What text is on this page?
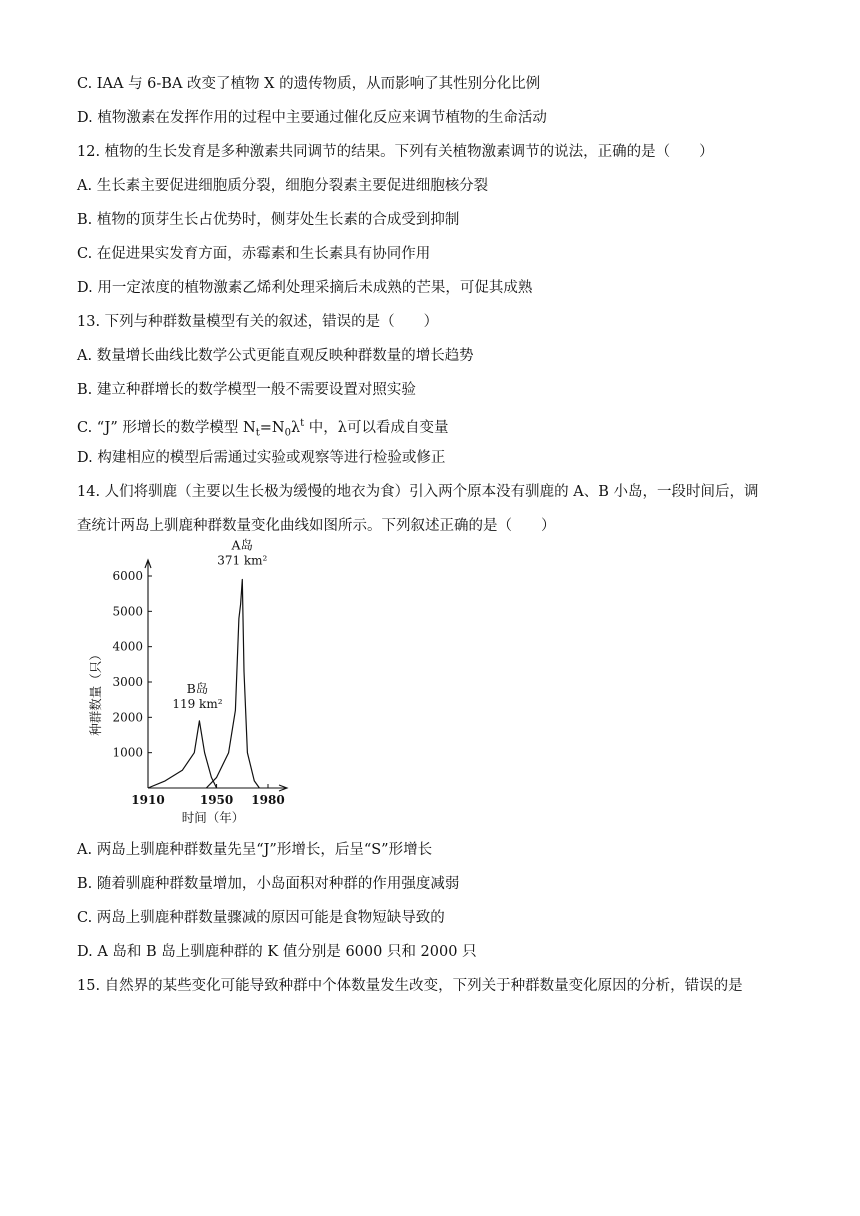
C. IAA 与 6-BA 改变了植物 X 的遗传物质，从而影响了其性别分化比例
D. 植物激素在发挥作用的过程中主要通过催化反应来调节植物的生命活动
12. 植物的生长发育是多种激素共同调节的结果。下列有关植物激素调节的说法，正确的是（　　）
A. 生长素主要促进细胞质分裂，细胞分裂素主要促进细胞核分裂
B. 植物的顶芽生长占优势时，侧芽处生长素的合成受到抑制
C. 在促进果实发育方面，赤霉素和生长素具有协同作用
D. 用一定浓度的植物激素乙烯利处理采摘后未成熟的芒果，可促其成熟
13. 下列与种群数量模型有关的叙述，错误的是（　　）
A. 数量增长曲线比数学公式更能直观反映种群数量的增长趋势
B. 建立种群增长的数学模型一般不需要设置对照实验
C. “J” 形增长的数学模型 $N_t=N_0\lambda^t$ 中，λ可以看成自变量
D. 构建相应的模型后需通过实验或观察等进行检验或修正
14. 人们将驯鹿（主要以生长极为缓慢的地衣为食）引入两个原本没有驯鹿的 A、B 小岛，一段时间后，调
查统计两岛上驯鹿种群数量变化曲线如图所示。下列叙述正确的是（　　）
1000
2000
3000
4000
5000
6000
1910	1950 1980
时间（年）
种群数量（只）	B岛
119 km²
A岛
371 km²
A. 两岛上驯鹿种群数量先呈“J”形增长，后呈“S”形增长
B. 随着驯鹿种群数量增加，小岛面积对种群的作用强度减弱
C. 两岛上驯鹿种群数量骤减的原因可能是食物短缺导致的
D. A 岛和 B 岛上驯鹿种群的 K 值分别是 6000 只和 2000 只
15. 自然界的某些变化可能导致种群中个体数量发生改变，下列关于种群数量变化原因的分析，错误的是
